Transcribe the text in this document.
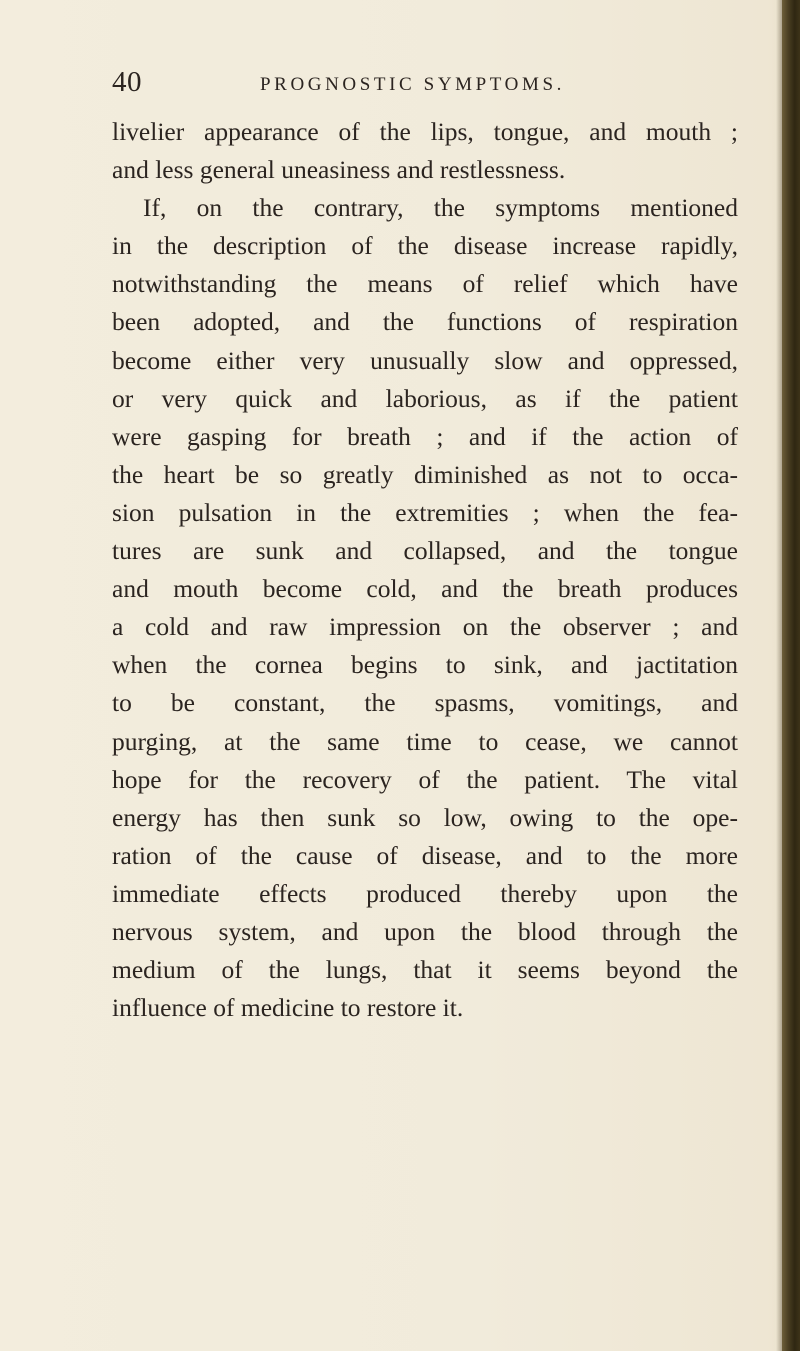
40	PROGNOSTIC SYMPTOMS.
livelier appearance of the lips, tongue, and mouth ;
and less general uneasiness and restlessness.
If, on the contrary, the symptoms mentioned
in the description of the disease increase rapidly,
notwithstanding the means of relief which have
been adopted, and the functions of respiration
become either very unusually slow and oppressed,
or very quick and laborious, as if the patient
were gasping for breath ; and if the action of
the heart be so greatly diminished as not to occa-
sion pulsation in the extremities ; when the fea-
tures are sunk and collapsed, and the tongue
and mouth become cold, and the breath produces
a cold and raw impression on the observer ; and
when the cornea begins to sink, and jactitation
to be constant, the spasms, vomitings, and
purging, at the same time to cease, we cannot
hope for the recovery of the patient. The vital
energy has then sunk so low, owing to the ope-
ration of the cause of disease, and to the more
immediate effects produced thereby upon the
nervous system, and upon the blood through the
medium of the lungs, that it seems beyond the
influence of medicine to restore it.
